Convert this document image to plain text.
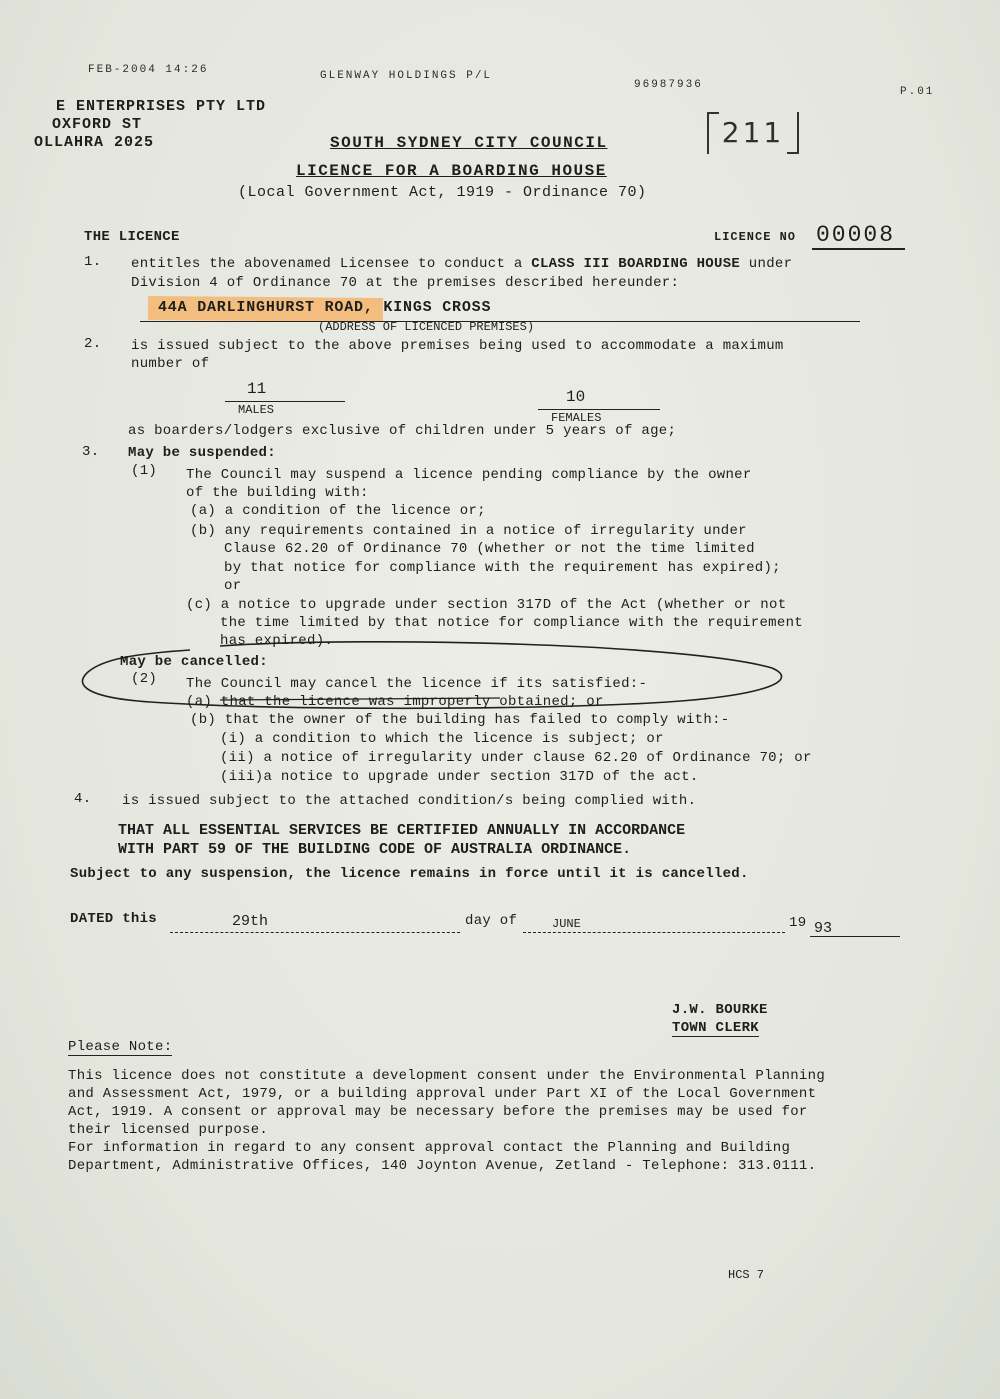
FEB-2004 14:26	GLENWAY HOLDINGS P/L
96987936
P.01
E ENTERPRISES PTY LTD
OXFORD ST
OLLAHRA 2025	211
SOUTH SYDNEY CITY COUNCIL
LICENCE FOR A BOARDING HOUSE
(Local Government Act, 1919 - Ordinance 70)
THE LICENCE	LICENCE NO 00008
1. entitles the abovenamed Licensee to conduct a CLASS III BOARDING HOUSE under
Division 4 of Ordinance 70 at the premises described hereunder:
44A DARLINGHURST ROAD, KINGS CROSS
(ADDRESS OF LICENCED PREMISES)
2. is issued subject to the above premises being used to accommodate a maximum
number of
11
MALES
10
FEMALES
as boarders/lodgers exclusive of children under 5 years of age;
3. May be suspended:
(1) The Council may suspend a licence pending compliance by the owner
of the building with:
(a) a condition of the licence or;
(b) any requirements contained in a notice of irregularity under
Clause 62.20 of Ordinance 70 (whether or not the time limited
by that notice for compliance with the requirement has expired);
or
(c) a notice to upgrade under section 317D of the Act (whether or not
the time limited by that notice for compliance with the requirement
has expired).
May be cancelled:
(2) The Council may cancel the licence if its satisfied:-
(a) that the licence was improperly obtained; or
(b) that the owner of the building has failed to comply with:-
(i) a condition to which the licence is subject; or
(ii) a notice of irregularity under clause 62.20 of Ordinance 70; or
(iii)a notice to upgrade under section 317D of the act.
4. is issued subject to the attached condition/s being complied with.
THAT ALL ESSENTIAL SERVICES BE CERTIFIED ANNUALLY IN ACCORDANCE
WITH PART 59 OF THE BUILDING CODE OF AUSTRALIA ORDINANCE.
Subject to any suspension, the licence remains in force until it is cancelled.
DATED this	29th	day of	JUNE	19 93
J.W. BOURKE
TOWN CLERK
Please Note:
This licence does not constitute a development consent under the Environmental Planning
and Assessment Act, 1979, or a building approval under Part XI of the Local Government
Act, 1919. A consent or approval may be necessary before the premises may be used for
their licensed purpose.
For information in regard to any consent approval contact the Planning and Building
Department, Administrative Offices, 140 Joynton Avenue, Zetland - Telephone: 313.0111.
HCS 7
